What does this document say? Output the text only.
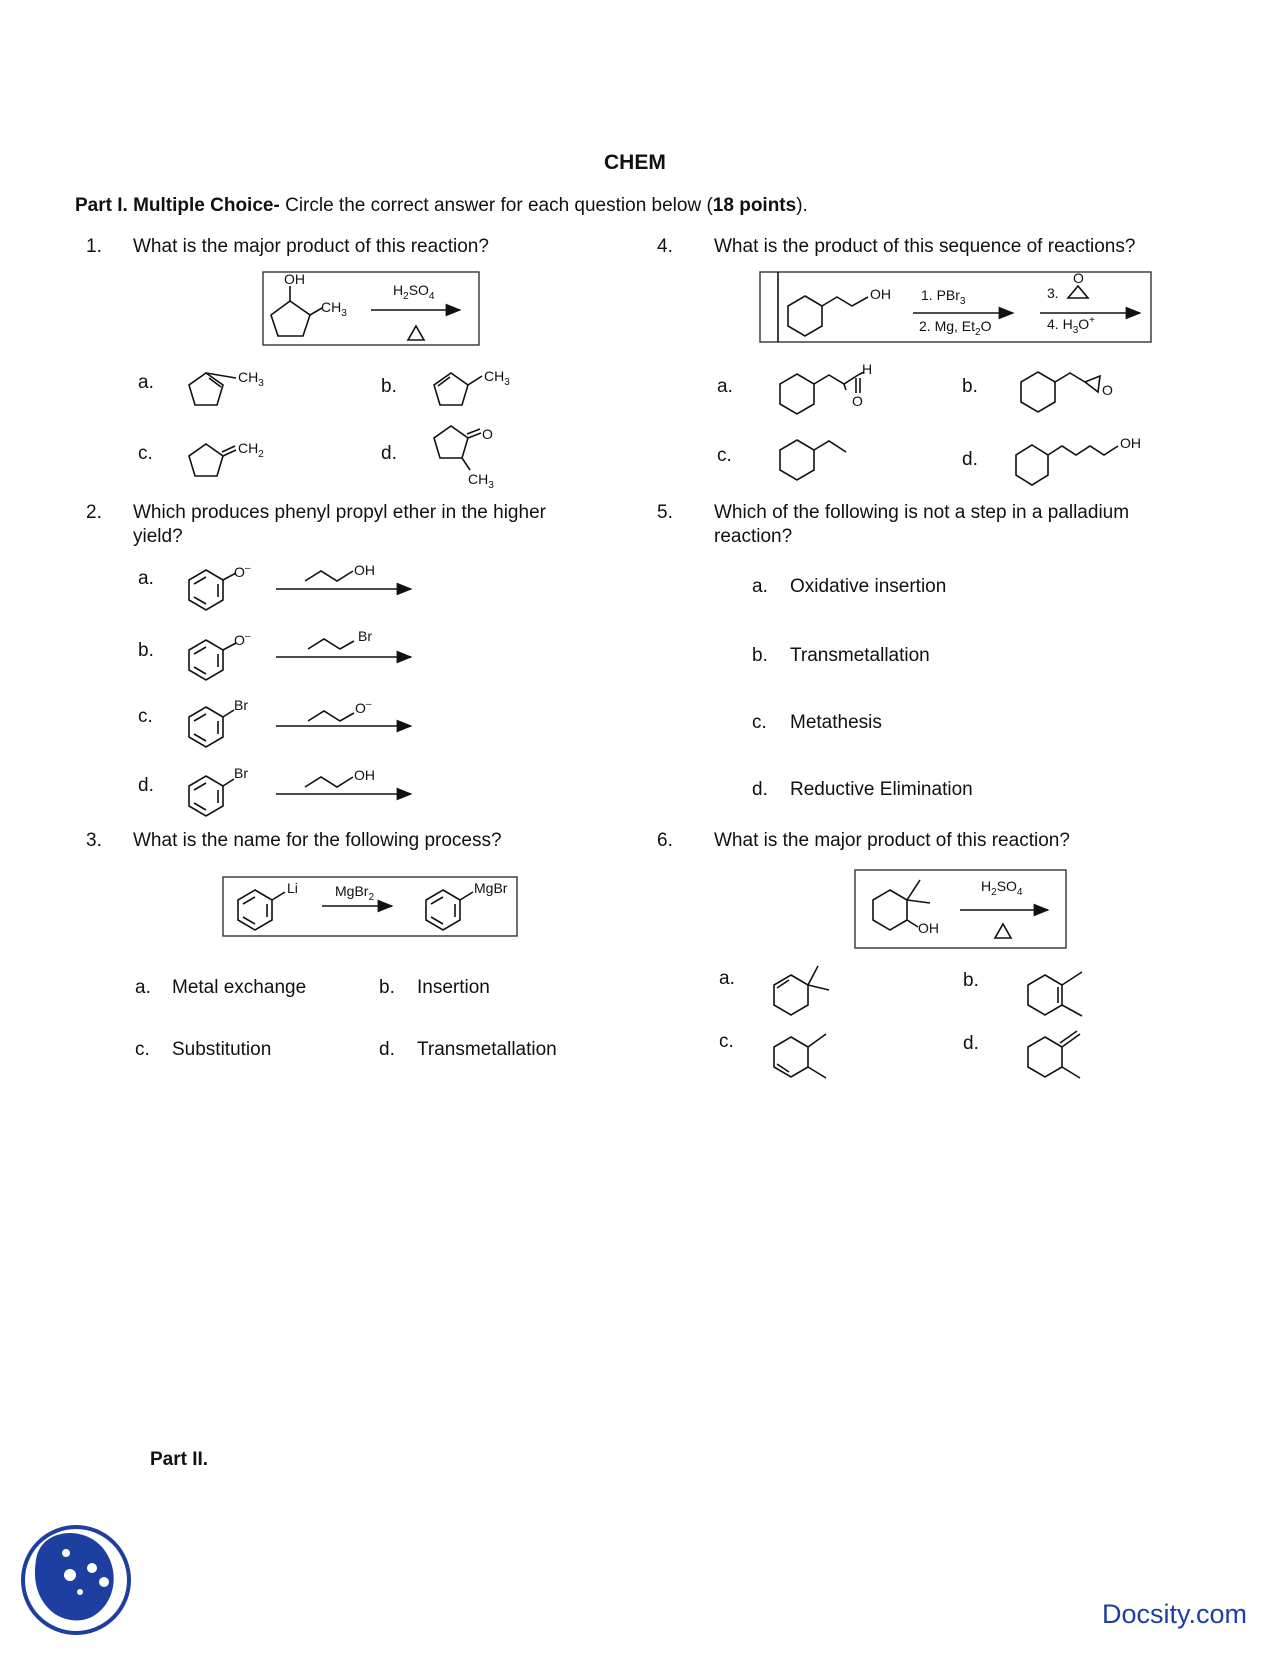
CHEM
Part I. Multiple Choice- Circle the correct answer for each question below (18 points).
1. What is the major product of this reaction?	4. What is the product of this sequence of reactions?
2. Which produces phenyl propyl ether in the higher
yield?
5. Which of the following is not a step in a palladium
reaction?
3. What is the name for the following process?	6. What is the major product of this reaction?
a.	b.
c.	d.
a.	b.
c.	d.
a.
b.
c.
d.
a. Oxidative insertion
b. Transmetallation
c. Metathesis
d. Reductive Elimination
a. Metal exchange	b. Insertion
c. Substitution	d. Transmetallation
a.	b.
c.	d.
Part II.
Docsity.com
OH
$CH_3$
$H_2SO_4$
$CH_3$	$CH_3$
$CH_2$
O
$CH_3$
OH 1. PBr$_3$
2. Mg, $Et_2O$
3.
O
4. $H_3O^+$
H
O
O
OH
O–	OH
O–	Br
Br	O–
Br	OH
Li	MgBr$_2$
MgBr
OH
$H_2SO_4$
